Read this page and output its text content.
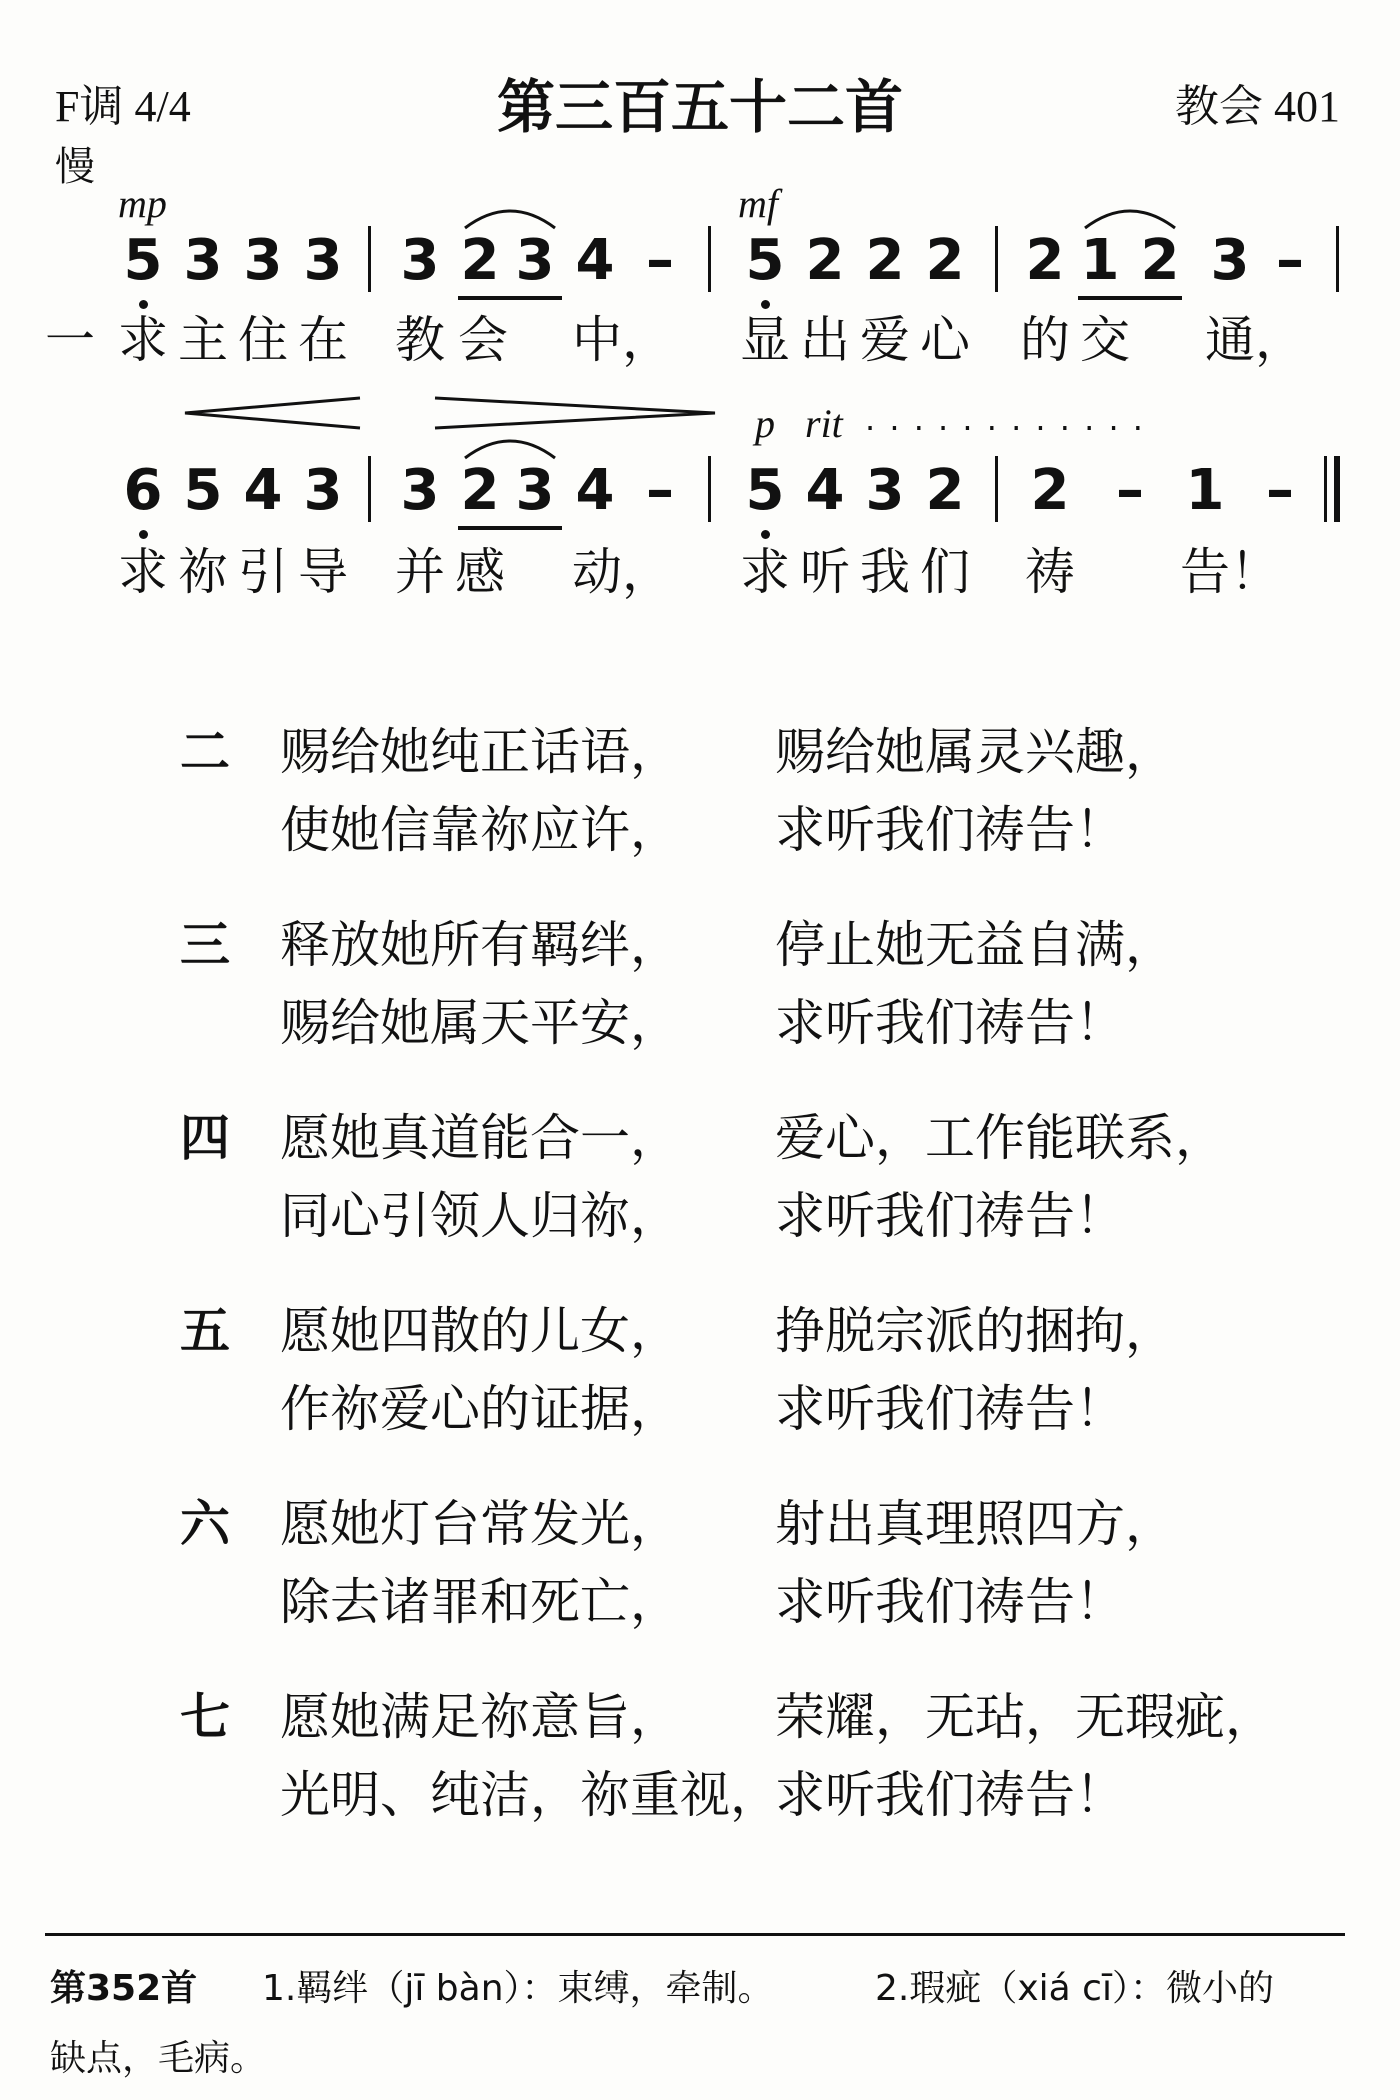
F调 4/4
慢
第三百五十二首	教会 401
mp	mf
5 3 3 3 3 2 3 4 – 5 2 2 2 2 1 2 3 –
一 求 主 住 在 教 会 中， 显 出 爱 心 的 交 通，
p rit . . . . . . . . . . . .
6 5 4 3 3 2 3 4 – 5 4 3 2 2 – 1 –
求 祢 引 导 并 感 动， 求 听 我 们 祷 告！
二 赐给她纯正话语， 赐给她属灵兴趣，
使她信靠祢应许， 求听我们祷告！
三 释放她所有羁绊， 停止她无益自满，
赐给她属天平安， 求听我们祷告！
四 愿她真道能合一， 爱心，工作能联系，
同心引领人归祢， 求听我们祷告！
五 愿她四散的儿女， 挣脱宗派的捆拘，
作祢爱心的证据， 求听我们祷告！
六 愿她灯台常发光， 射出真理照四方，
除去诸罪和死亡， 求听我们祷告！
七 愿她满足祢意旨， 荣耀，无玷，无瑕疵，
光明、纯洁，祢重视，
求听我们祷告！
第352首 1.羁绊（jī bàn）：束缚，牵制。	2.瑕疵（xiá cī）：微小的
缺点，毛病。
